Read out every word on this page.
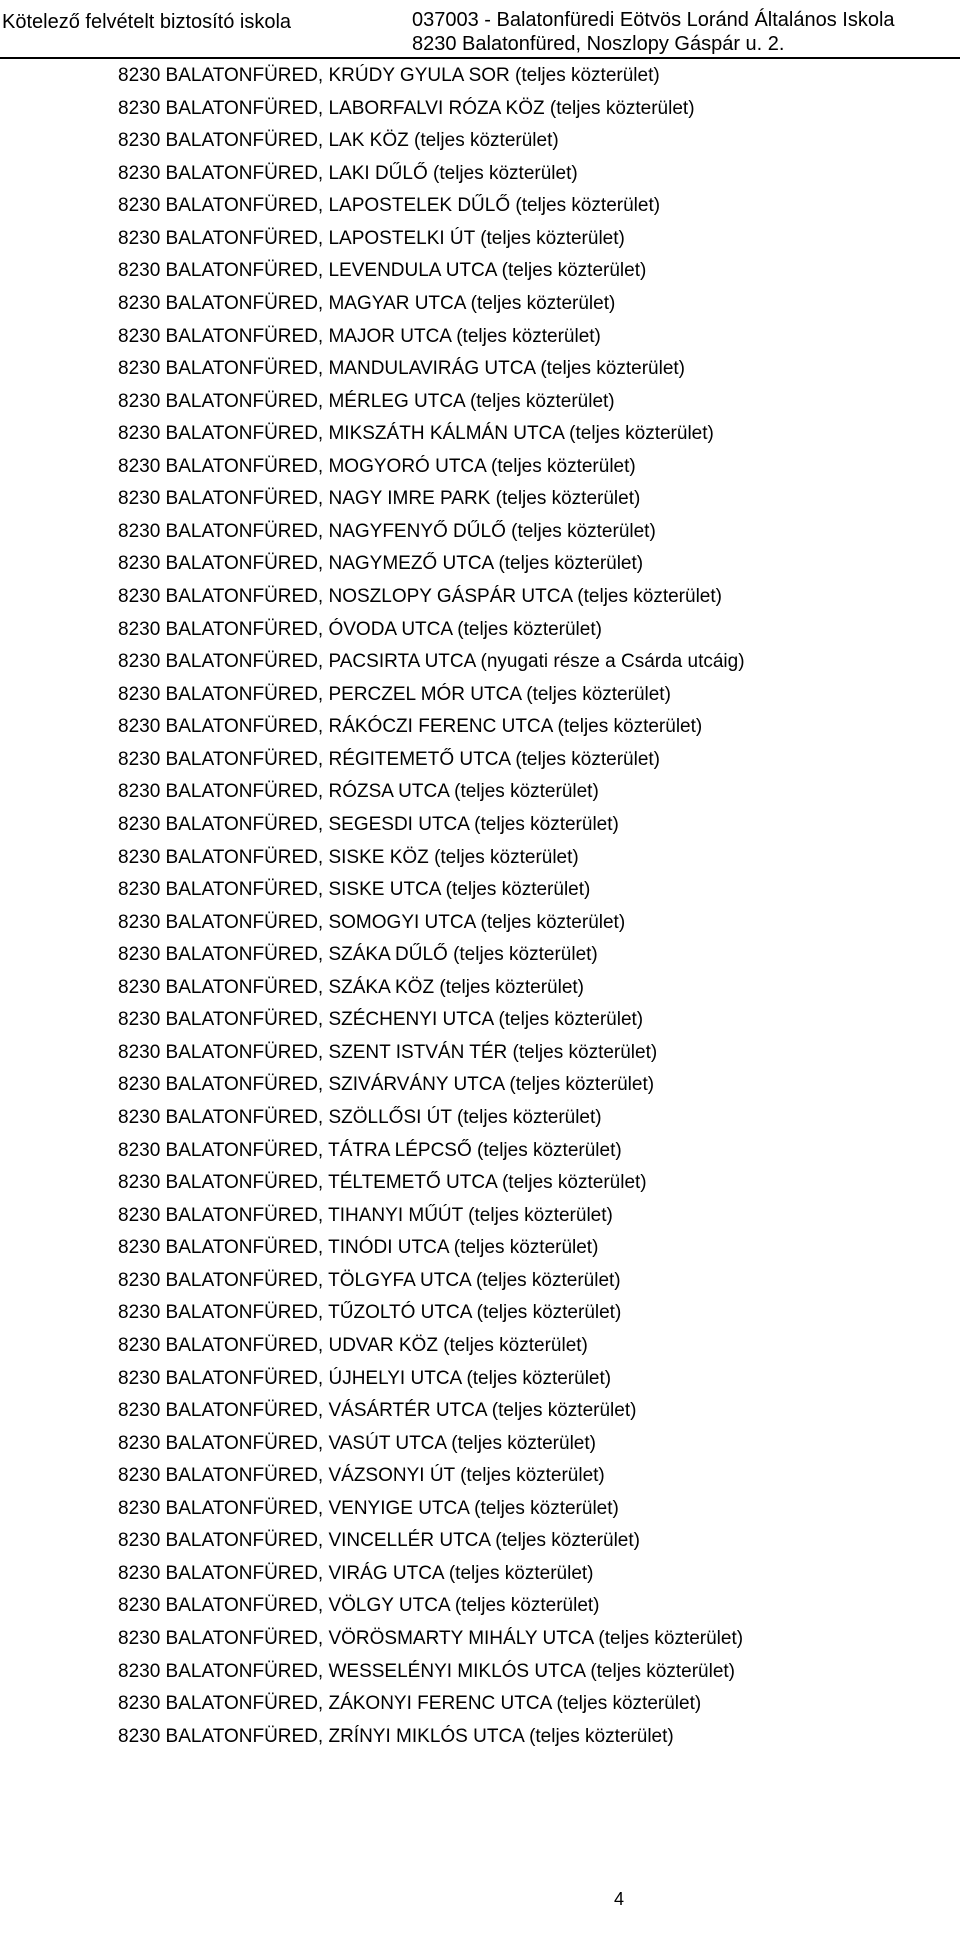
Kötelező felvételt biztosító iskola	037003 - Balatonfüredi Eötvös Loránd Általános Iskola
8230 Balatonfüred, Noszlopy Gáspár u. 2.
8230 BALATONFÜRED, KRÚDY GYULA SOR (teljes közterület)
8230 BALATONFÜRED, LABORFALVI RÓZA KÖZ (teljes közterület)
8230 BALATONFÜRED, LAK KÖZ (teljes közterület)
8230 BALATONFÜRED, LAKI DŰLŐ (teljes közterület)
8230 BALATONFÜRED, LAPOSTELEK DŰLŐ (teljes közterület)
8230 BALATONFÜRED, LAPOSTELKI ÚT (teljes közterület)
8230 BALATONFÜRED, LEVENDULA UTCA (teljes közterület)
8230 BALATONFÜRED, MAGYAR UTCA (teljes közterület)
8230 BALATONFÜRED, MAJOR UTCA (teljes közterület)
8230 BALATONFÜRED, MANDULAVIRÁG UTCA (teljes közterület)
8230 BALATONFÜRED, MÉRLEG UTCA (teljes közterület)
8230 BALATONFÜRED, MIKSZÁTH KÁLMÁN UTCA (teljes közterület)
8230 BALATONFÜRED, MOGYORÓ UTCA (teljes közterület)
8230 BALATONFÜRED, NAGY IMRE PARK (teljes közterület)
8230 BALATONFÜRED, NAGYFENYŐ DŰLŐ (teljes közterület)
8230 BALATONFÜRED, NAGYMEZŐ UTCA (teljes közterület)
8230 BALATONFÜRED, NOSZLOPY GÁSPÁR UTCA (teljes közterület)
8230 BALATONFÜRED, ÓVODA UTCA (teljes közterület)
8230 BALATONFÜRED, PACSIRTA UTCA (nyugati része a Csárda utcáig)
8230 BALATONFÜRED, PERCZEL MÓR UTCA (teljes közterület)
8230 BALATONFÜRED, RÁKÓCZI FERENC UTCA (teljes közterület)
8230 BALATONFÜRED, RÉGITEMETŐ UTCA (teljes közterület)
8230 BALATONFÜRED, RÓZSA UTCA (teljes közterület)
8230 BALATONFÜRED, SEGESDI UTCA (teljes közterület)
8230 BALATONFÜRED, SISKE KÖZ (teljes közterület)
8230 BALATONFÜRED, SISKE UTCA (teljes közterület)
8230 BALATONFÜRED, SOMOGYI UTCA (teljes közterület)
8230 BALATONFÜRED, SZÁKA DŰLŐ (teljes közterület)
8230 BALATONFÜRED, SZÁKA KÖZ (teljes közterület)
8230 BALATONFÜRED, SZÉCHENYI UTCA (teljes közterület)
8230 BALATONFÜRED, SZENT ISTVÁN TÉR (teljes közterület)
8230 BALATONFÜRED, SZIVÁRVÁNY UTCA (teljes közterület)
8230 BALATONFÜRED, SZÖLLŐSI ÚT (teljes közterület)
8230 BALATONFÜRED, TÁTRA LÉPCSŐ (teljes közterület)
8230 BALATONFÜRED, TÉLTEMETŐ UTCA (teljes közterület)
8230 BALATONFÜRED, TIHANYI MŰÚT (teljes közterület)
8230 BALATONFÜRED, TINÓDI UTCA (teljes közterület)
8230 BALATONFÜRED, TÖLGYFA UTCA (teljes közterület)
8230 BALATONFÜRED, TŰZOLTÓ UTCA (teljes közterület)
8230 BALATONFÜRED, UDVAR KÖZ (teljes közterület)
8230 BALATONFÜRED, ÚJHELYI UTCA (teljes közterület)
8230 BALATONFÜRED, VÁSÁRTÉR UTCA (teljes közterület)
8230 BALATONFÜRED, VASÚT UTCA (teljes közterület)
8230 BALATONFÜRED, VÁZSONYI ÚT (teljes közterület)
8230 BALATONFÜRED, VENYIGE UTCA (teljes közterület)
8230 BALATONFÜRED, VINCELLÉR UTCA (teljes közterület)
8230 BALATONFÜRED, VIRÁG UTCA (teljes közterület)
8230 BALATONFÜRED, VÖLGY UTCA (teljes közterület)
8230 BALATONFÜRED, VÖRÖSMARTY MIHÁLY UTCA (teljes közterület)
8230 BALATONFÜRED, WESSELÉNYI MIKLÓS UTCA (teljes közterület)
8230 BALATONFÜRED, ZÁKONYI FERENC UTCA (teljes közterület)
8230 BALATONFÜRED, ZRÍNYI MIKLÓS UTCA (teljes közterület)
4
